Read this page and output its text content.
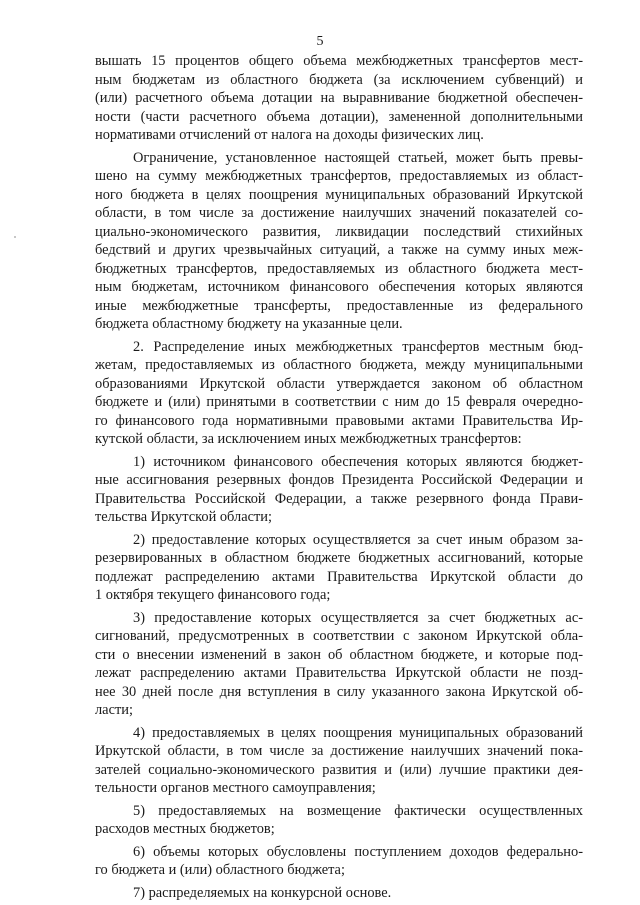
5

вышать 15 процентов общего объема межбюджетных трансфертов мест-
ным бюджетам из областного бюджета (за исключением субвенций) и
(или) расчетного объема дотации на выравнивание бюджетной обеспечен-
ности (части расчетного объема дотации), замененной дополнительными
нормативами отчислений от налога на доходы физических лиц.

Ограничение, установленное настоящей статьей, может быть превы-
шено на сумму межбюджетных трансфертов, предоставляемых из област-
ного бюджета в целях поощрения муниципальных образований Иркутской
области, в том числе за достижение наилучших значений показателей со-
циально-экономического развития, ликвидации последствий стихийных
бедствий и других чрезвычайных ситуаций, а также на сумму иных меж-
бюджетных трансфертов, предоставляемых из областного бюджета мест-
ным бюджетам, источником финансового обеспечения которых являются
иные межбюджетные трансферты, предоставленные из федерального
бюджета областному бюджету на указанные цели.

2. Распределение иных межбюджетных трансфертов местным бюд-
жетам, предоставляемых из областного бюджета, между муниципальными
образованиями Иркутской области утверждается законом об областном
бюджете и (или) принятыми в соответствии с ним до 15 февраля очередно-
го финансового года нормативными правовыми актами Правительства Ир-
кутской области, за исключением иных межбюджетных трансфертов:

1) источником финансового обеспечения которых являются бюджет-
ные ассигнования резервных фондов Президента Российской Федерации и
Правительства Российской Федерации, а также резервного фонда Прави-
тельства Иркутской области;

2) предоставление которых осуществляется за счет иным образом за-
резервированных в областном бюджете бюджетных ассигнований, которые
подлежат распределению актами Правительства Иркутской области до
1 октября текущего финансового года;

3) предоставление которых осуществляется за счет бюджетных ас-
сигнований, предусмотренных в соответствии с законом Иркутской обла-
сти о внесении изменений в закон об областном бюджете, и которые под-
лежат распределению актами Правительства Иркутской области не позд-
нее 30 дней после дня вступления в силу указанного закона Иркутской об-
ласти;

4) предоставляемых в целях поощрения муниципальных образований
Иркутской области, в том числе за достижение наилучших значений пока-
зателей социально-экономического развития и (или) лучшие практики дея-
тельности органов местного самоуправления;

5) предоставляемых на возмещение фактически осуществленных
расходов местных бюджетов;

6) объемы которых обусловлены поступлением доходов федерально-
го бюджета и (или) областного бюджета;

7) распределяемых на конкурсной основе.
